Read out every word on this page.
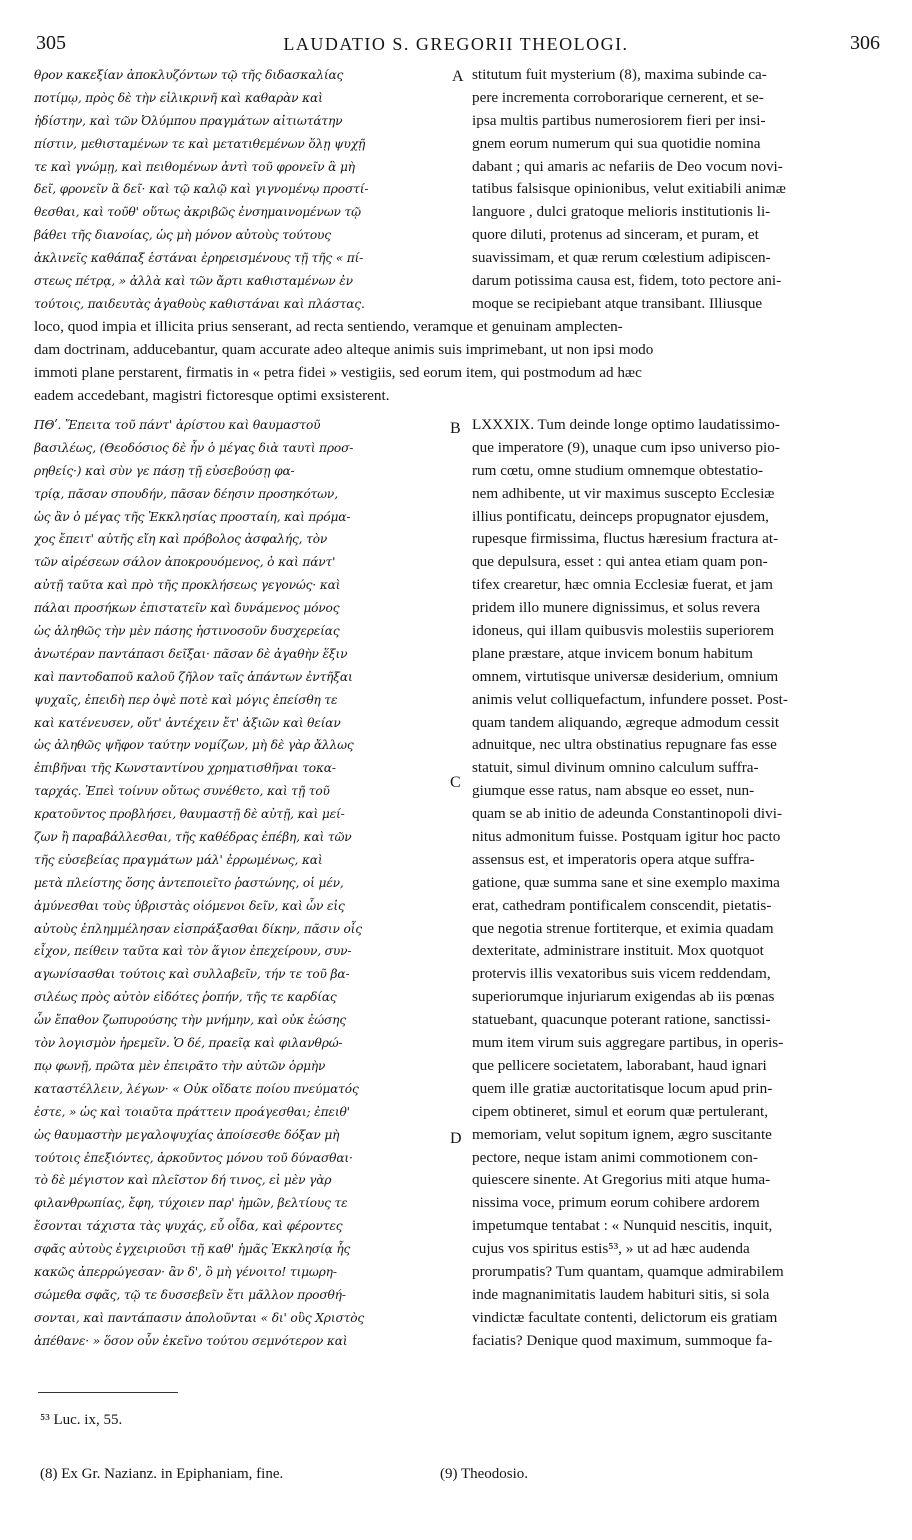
305	LAUDATIO S. GREGORII THEOLOGI.	306
θρον κακεξίαν ἀποκλυζόντων τῷ τῆς διδασκαλίας
ποτίμῳ, πρὸς δὲ τὴν εἰλικρινῆ καὶ καθαρὰν καὶ
ἡδίστην, καὶ τῶν Ὀλύμπου πραγμάτων αἰτιωτάτην
πίστιν, μεθισταμένων τε καὶ μετατιθεμένων ὅλῃ ψυχῇ
τε καὶ γνώμῃ, καὶ πειθομένων ἀντὶ τοῦ φρονεῖν ἃ μὴ
δεῖ, φρονεῖν ἃ δεῖ· καὶ τῷ καλῷ καὶ γιγνομένῳ προστί-
θεσθαι, καὶ τοῦθ' οὕτως ἀκριβῶς ἐνσημαινομένων τῷ
βάθει τῆς διανοίας, ὡς μὴ μόνον αὐτοὺς τούτους
ἀκλινεῖς καθάπαξ ἑστάναι ἐρηρεισμένους τῇ τῆς « πί-
στεως πέτρᾳ, » ἀλλὰ καὶ τῶν ἄρτι καθισταμένων ἐν
τούτοις, παιδευτὰς ἀγαθοὺς καθιστάναι καὶ πλάστας.
stitutum fuit mysterium (8), maxima subinde ca-
pere incrementa corroborarique cernerent, et se-
ipsa multis partibus numerosiorem fieri per insi-
gnem eorum numerum qui sua quotidie nomina
dabant ; qui amaris ac nefariis de Deo vocum novi-
tatibus falsisque opinionibus, velut exitiabili animæ
languore , dulci gratoque melioris institutionis li-
quore diluti, protenus ad sinceram, et puram, et
suavissimam, et quæ rerum cœlestium adipiscen-
darum potissima causa est, fidem, toto pectore ani-
moque se recipiebant atque transibant. Illiusque
loco, quod impia et illicita prius senserant, ad recta sentiendo, veramque et genuinam amplecten-
dam doctrinam, adducebantur, quam accurate adeo alteque animis suis imprimebant, ut non ipsi modo
immoti plane perstarent, firmatis in « petra fidei » vestigiis, sed eorum item, qui postmodum ad hæc
eadem accedebant, magistri fictoresque optimi exsisterent.
ΠΘʹ. Ἔπειτα τοῦ πάντ' ἀρίστου καὶ θαυμαστοῦ
βασιλέως, (Θεοδόσιος δὲ ἦν ὁ μέγας διὰ ταυτὶ προσ-
ρηθείς·) καὶ σὺν γε πάσῃ τῇ εὐσεβούσῃ φα-
τρίᾳ, πᾶσαν σπουδήν, πᾶσαν δέησιν προσηκότων,
ὡς ἂν ὁ μέγας τῆς Ἐκκλησίας προσταίη, καὶ πρόμα-
χος ἔπειτ' αὐτῆς εἴη καὶ πρόβολος ἀσφαλής, τὸν
τῶν αἱρέσεων σάλον ἀποκρουόμενος, ὁ καὶ πάντ'
αὐτῇ ταῦτα καὶ πρὸ τῆς προκλήσεως γεγονώς· καὶ
πάλαι προσήκων ἐπιστατεῖν καὶ δυνάμενος μόνος
ὡς ἀληθῶς τὴν μὲν πάσης ἡστινοσοῦν δυσχερείας
ἀνωτέραν παντάπασι δεῖξαι· πᾶσαν δὲ ἀγαθὴν ἕξιν
καὶ παντοδαποῦ καλοῦ ζῆλον ταῖς ἁπάντων ἐντῆξαι
ψυχαῖς, ἐπειδὴ περ ὀψὲ ποτὲ καὶ μόγις ἐπείσθη τε
καὶ κατένευσεν, οὔτ' ἀντέχειν ἔτ' ἀξιῶν καὶ θείαν
ὡς ἀληθῶς ψῆφον ταύτην νομίζων, μὴ δὲ γὰρ ἄλλως
ἐπιβῆναι τῆς Κωνσταντίνου χρηματισθῆναι τοκα-
ταρχάς. Ἐπεὶ τοίνυν οὕτως συνέθετο, καὶ τῇ τοῦ
κρατοῦντος προβλήσει, θαυμαστῇ δὲ αὐτῇ, καὶ μεί-
ζων ἢ παραβάλλεσθαι, τῆς καθέδρας ἐπέβη, καὶ τῶν
τῆς εὐσεβείας πραγμάτων μάλ' ἐρρωμένως, καὶ
μετὰ πλείστης ὅσης ἀντεποιεῖτο ῥαστώνης, οἱ μέν,
ἀμύνεσθαι τοὺς ὑβριστὰς οἰόμενοι δεῖν, καὶ ὧν εἰς
αὐτοὺς ἐπλημμέλησαν εἰσπράξασθαι δίκην, πᾶσιν οἷς
εἶχον, πείθειν ταῦτα καὶ τὸν ἅγιον ἐπεχείρουν, συν-
αγωνίσασθαι τούτοις καὶ συλλαβεῖν, τήν τε τοῦ βα-
σιλέως πρὸς αὐτὸν εἰδότες ῥοπήν, τῆς τε καρδίας
ὧν ἔπαθον ζωπυρούσης τὴν μνήμην, καὶ οὐκ ἐώσης
τὸν λογισμὸν ἠρεμεῖν. Ὁ δέ, πραεῖᾳ καὶ φιλανθρώ-
πῳ φωνῇ, πρῶτα μὲν ἐπειρᾶτο τὴν αὐτῶν ὁρμὴν
καταστέλλειν, λέγων· « Οὐκ οἴδατε ποίου πνεύματός
ἐστε, » ὡς καὶ τοιαῦτα πράττειν προάγεσθαι; ἐπειθ'
ὡς θαυμαστὴν μεγαλοψυχίας ἀποίσεσθε δόξαν μὴ
τούτοις ἐπεξιόντες, ἀρκοῦντος μόνου τοῦ δύνασθαι·
τὸ δὲ μέγιστον καὶ πλεῖστον δή τινος, εἰ μὲν γὰρ
φιλανθρωπίας, ἔφη, τύχοιεν παρ' ἡμῶν, βελτίους τε
ἔσονται τάχιστα τὰς ψυχάς, εὖ οἶδα, καὶ φέροντες
σφᾶς αὐτοὺς ἐγχειριοῦσι τῇ καθ' ἡμᾶς Ἐκκλησίᾳ ἧς
κακῶς ἀπερρώγεσαν· ἂν δ', ὃ μὴ γένοιτο! τιμωρη-
σώμεθα σφᾶς, τῷ τε δυσσεβεῖν ἔτι μᾶλλον προσθή-
σονται, καὶ παντάπασιν ἀπολοῦνται « δι' οὓς Χριστὸς
ἀπέθανε· » ὅσον οὖν ἐκεῖνο τούτου σεμνότερον καὶ
LXXXIX. Tum deinde longe optimo laudatissimo-
que imperatore (9), unaque cum ipso universo pio-
rum cœtu, omne studium omnemque obtestatio-
nem adhibente, ut vir maximus suscepto Ecclesiæ
illius pontificatu, deinceps propugnator ejusdem,
rupesque firmissima, fluctus hæresium fractura at-
que depulsura, esset : qui antea etiam quam pon-
tifex crearetur, hæc omnia Ecclesiæ fuerat, et jam
pridem illo munere dignissimus, et solus revera
idoneus, qui illam quibusvis molestiis superiorem
plane præstare, atque invicem bonum habitum
omnem, virtutisque universæ desiderium, omnium
animis velut colliquefactum, infundere posset. Post-
quam tandem aliquando, ægreque admodum cessit
adnuitque, nec ultra obstinatius repugnare fas esse
statuit, simul divinum omnino calculum suffra-
giumque esse ratus, nam absque eo esset, nun-
quam se ab initio de adeunda Constantinopoli divi-
nitus admonitum fuisse. Postquam igitur hoc pacto
assensus est, et imperatoris opera atque suffra-
gatione, quæ summa sane et sine exemplo maxima
erat, cathedram pontificalem conscendit, pietatis-
que negotia strenue fortiterque, et eximia quadam
dexteritate, administrare instituit. Mox quotquot
protervis illis vexatoribus suis vicem reddendam,
superiorumque injuriarum exigendas ab iis pœnas
statuebant, quacunque poterant ratione, sanctissi-
mum item virum suis aggregare partibus, in operis-
que pellicere societatem, laborabant, haud ignari
quem ille gratiæ auctoritatisque locum apud prin-
cipem obtineret, simul et eorum quæ pertulerant,
memoriam, velut sopitum ignem, ægro suscitante
pectore, neque istam animi commotionem con-
quiescere sinente. At Gregorius miti atque huma-
nissima voce, primum eorum cohibere ardorem
impetumque tentabat : « Nunquid nescitis, inquit,
cujus vos spiritus estis⁵³, » ut ad hæc audenda
prorumpatis? Tum quantam, quamque admirabilem
inde magnanimitatis laudem habituri sitis, si sola
vindictæ facultate contenti, delictorum eis gratiam
faciatis? Denique quod maximum, summoque fa-
A
B
C
D
⁵³ Luc. ix, 55.
(8) Ex Gr. Nazianz. in Epiphaniam, fine.	(9) Theodosio.
